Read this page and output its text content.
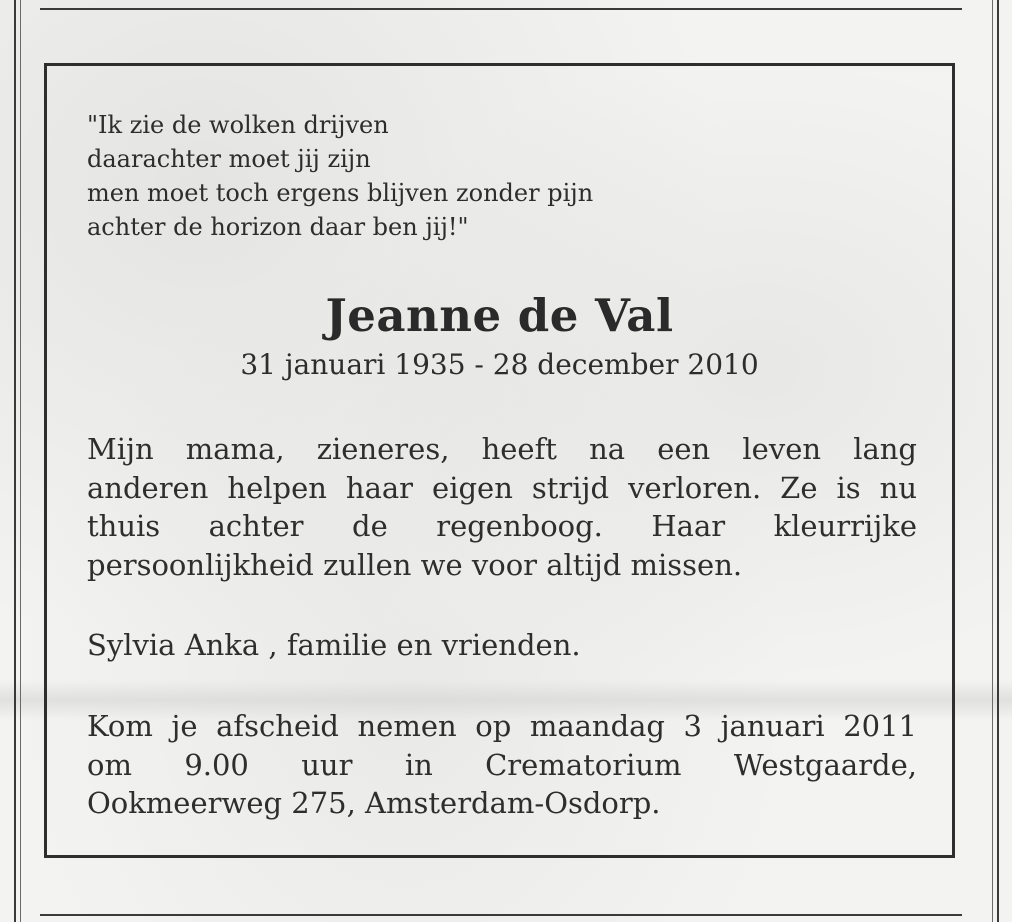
"Ik zie de wolken drijven
daarachter moet jij zijn
men moet toch ergens blijven zonder pijn
achter de horizon daar ben jij!"
Jeanne de Val
31 januari 1935 - 28 december 2010
Mijn mama, zieneres, heeft na een leven lang
anderen helpen haar eigen strijd verloren. Ze is nu
thuis achter de regenboog. Haar kleurrijke
persoonlijkheid zullen we voor altijd missen.
Sylvia Anka , familie en vrienden.
Kom je afscheid nemen op maandag 3 januari 2011
om 9.00 uur in Crematorium Westgaarde,
Ookmeerweg 275, Amsterdam-Osdorp.
